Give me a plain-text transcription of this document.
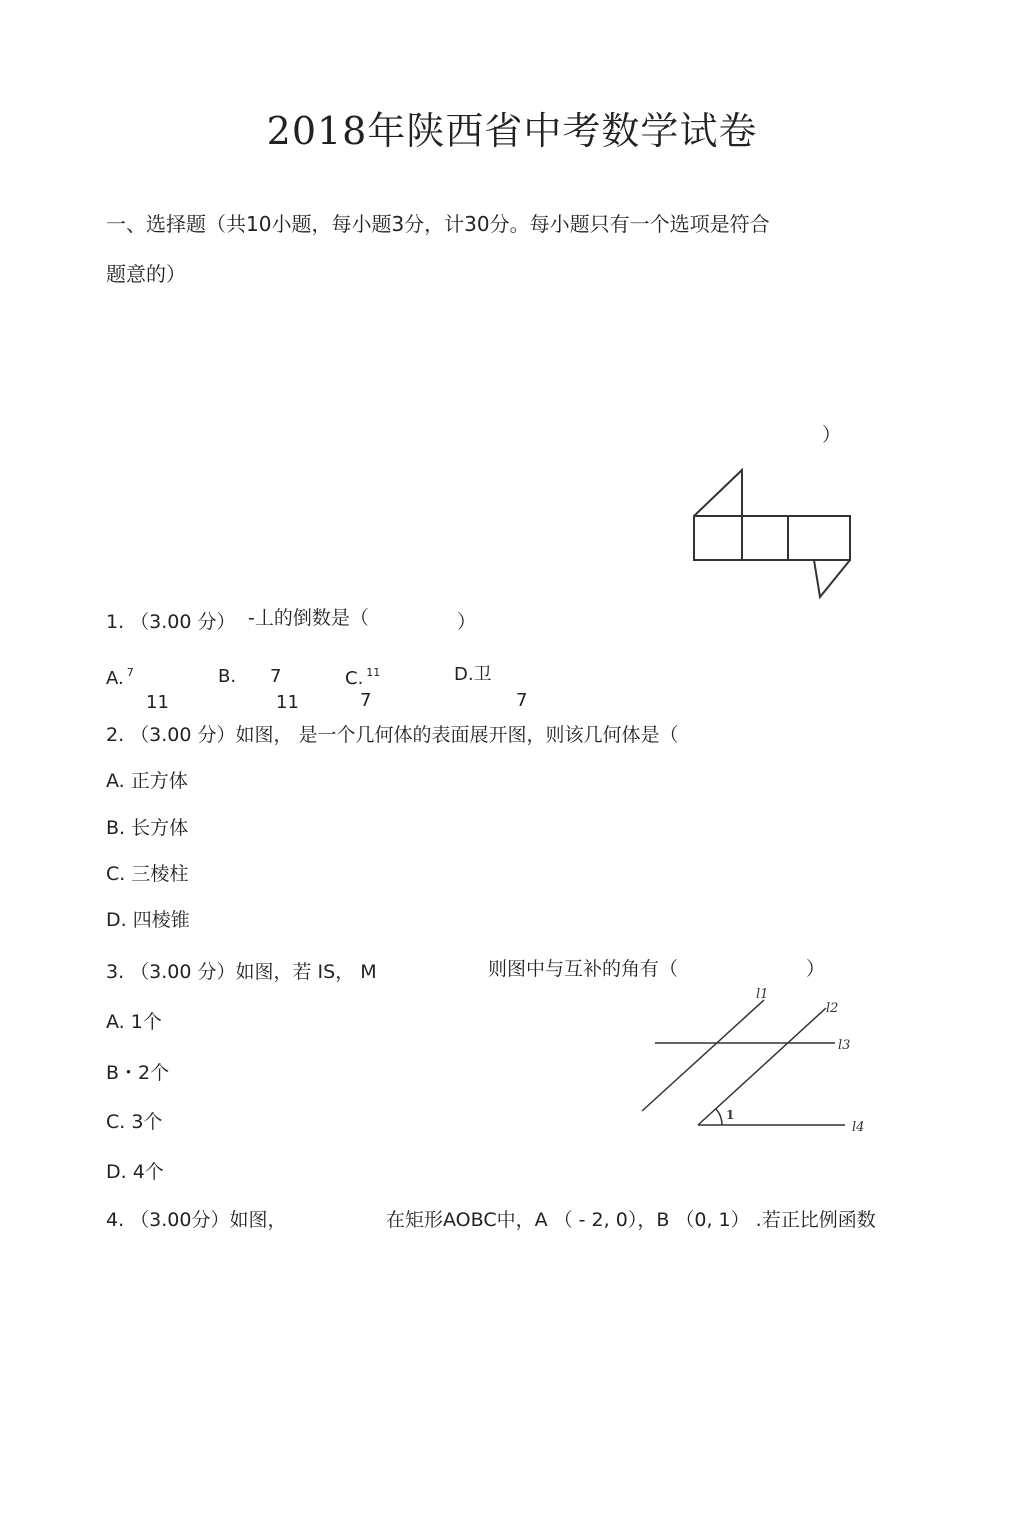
2018年陕西省中考数学试卷
一、选择题（共10小题，每小题3分，计30分。每小题只有一个选项是符合
题意的）
）
1. （3.00 分） -丄的倒数是（	）
A. $^7$
11
B. 7
11
C. $^{11}$
7
D.卫
7
2. （3.00 分）如图， 是一个几何体的表面展开图，则该几何体是（
A. 正方体
B. 长方体
C. 三棱柱
D. 四棱锥
3. （3.00 分）如图，若 IS， M	则图中与互补的角有（	）
A. 1个
B・2个
C. 3个
D. 4个
l1
l2
l3
l4
1
4. （3.00分）如图，	在矩形AOBC中，A （ - 2, 0），B （0, 1） .若正比例函数
